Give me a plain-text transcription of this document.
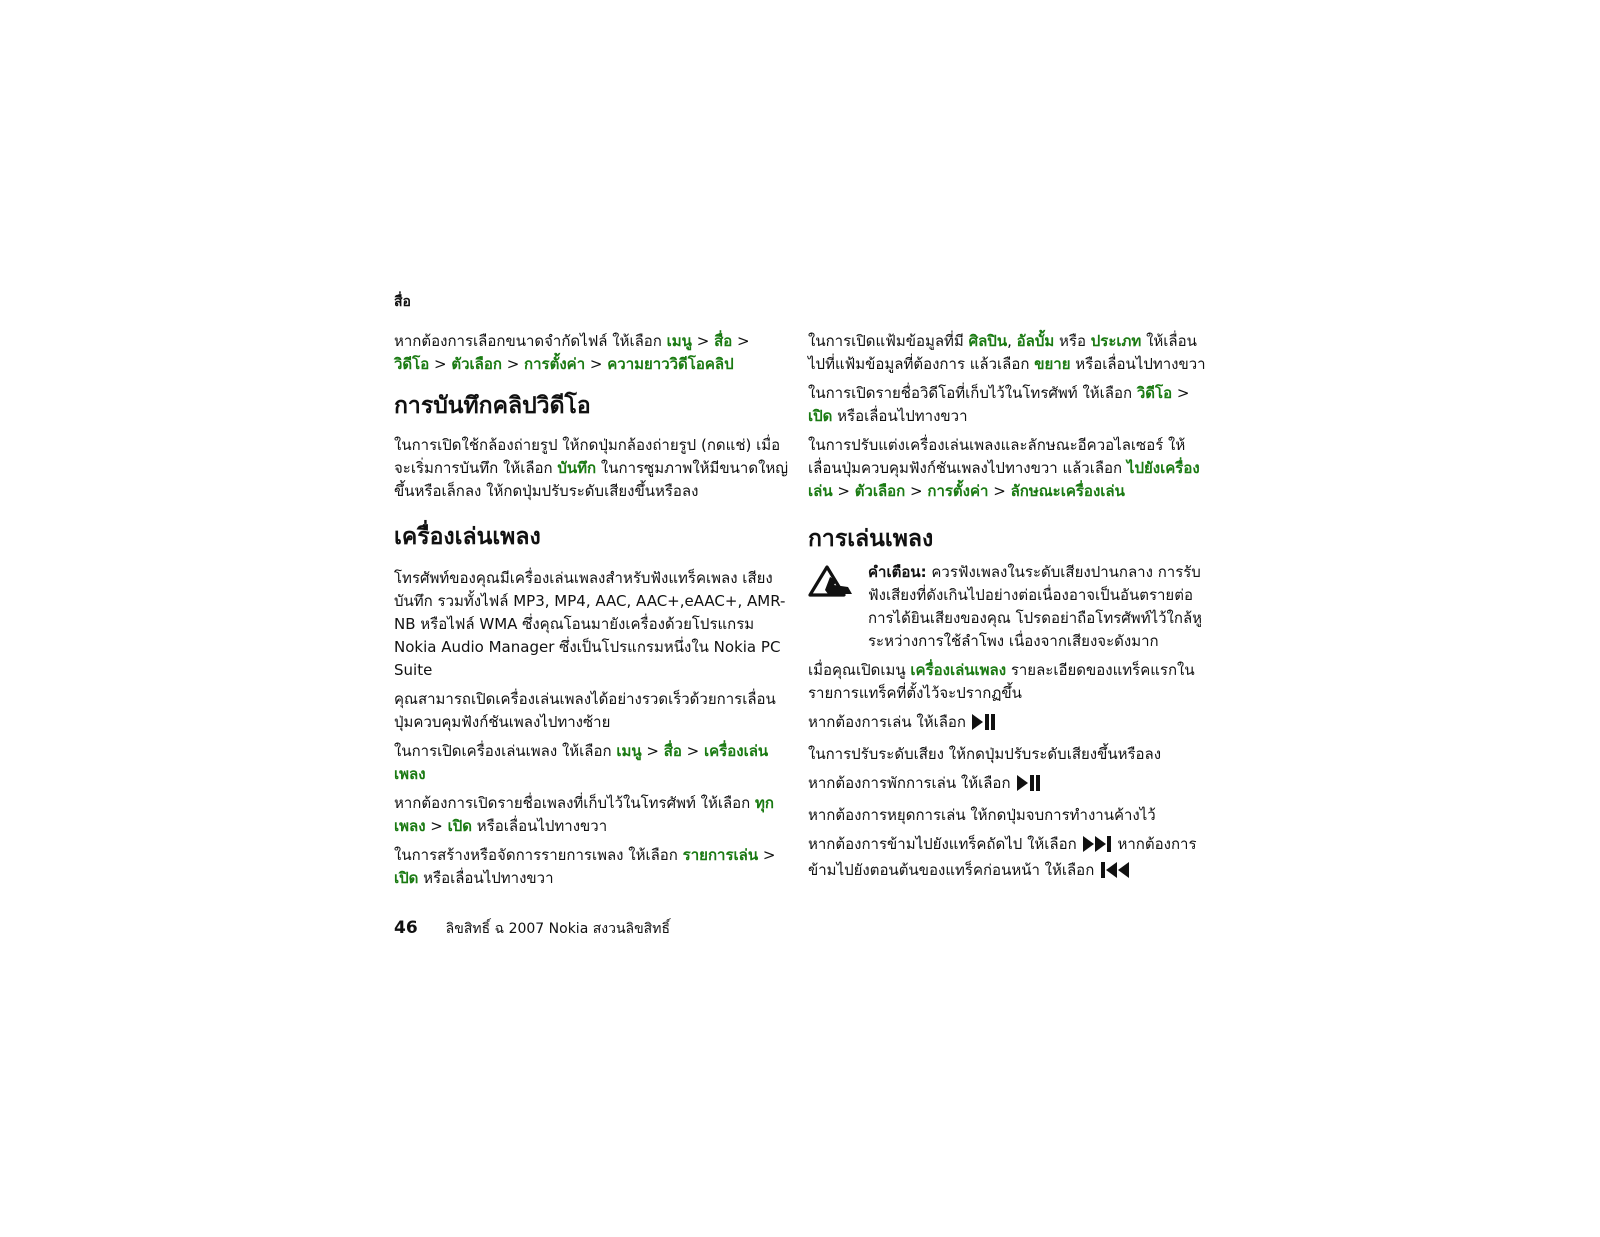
สื่อ

หากต้องการเลือกขนาดจำกัดไฟล์ ให้เลือก เมนู > สื่อ > วิดีโอ > ตัวเลือก > การตั้งค่า > ความยาววิดีโอคลิป

การบันทึกคลิปวิดีโอ

ในการเปิดใช้กล้องถ่ายรูป ให้กดปุ่มกล้องถ่ายรูป (กดแช่) เมื่อจะเริ่มการบันทึก ให้เลือก บันทึก ในการซูมภาพให้มีขนาดใหญ่ขึ้นหรือเล็กลง ให้กดปุ่มปรับระดับเสียงขึ้นหรือลง

เครื่องเล่นเพลง

โทรศัพท์ของคุณมีเครื่องเล่นเพลงสำหรับฟังแทร็คเพลง เสียงบันทึก รวมทั้งไฟล์ MP3, MP4, AAC, AAC+,eAAC+, AMR-NB หรือไฟล์ WMA ซึ่งคุณโอนมายังเครื่องด้วยโปรแกรม Nokia Audio Manager ซึ่งเป็นโปรแกรมหนึ่งใน Nokia PC Suite

คุณสามารถเปิดเครื่องเล่นเพลงได้อย่างรวดเร็วด้วยการเลื่อนปุ่มควบคุมฟังก์ชันเพลงไปทางซ้าย

ในการเปิดเครื่องเล่นเพลง ให้เลือก เมนู > สื่อ > เครื่องเล่นเพลง

หากต้องการเปิดรายชื่อเพลงที่เก็บไว้ในโทรศัพท์ ให้เลือก ทุกเพลง > เปิด หรือเลื่อนไปทางขวา

ในการสร้างหรือจัดการรายการเพลง ให้เลือก รายการเล่น > เปิด หรือเลื่อนไปทางขวา

ในการเปิดแฟ้มข้อมูลที่มี ศิลปิน, อัลบั้ม หรือ ประเภท ให้เลื่อนไปที่แฟ้มข้อมูลที่ต้องการ แล้วเลือก ขยาย หรือเลื่อนไปทางขวา

ในการเปิดรายชื่อวิดีโอที่เก็บไว้ในโทรศัพท์ ให้เลือก วิดีโอ > เปิด หรือเลื่อนไปทางขวา

ในการปรับแต่งเครื่องเล่นเพลงและลักษณะอีควอไลเซอร์ ให้เลื่อนปุ่มควบคุมฟังก์ชันเพลงไปทางขวา แล้วเลือก ไปยังเครื่องเล่น > ตัวเลือก > การตั้งค่า > ลักษณะเครื่องเล่น

การเล่นเพลง

คำเตือน: ควรฟังเพลงในระดับเสียงปานกลาง การรับฟังเสียงที่ดังเกินไปอย่างต่อเนื่องอาจเป็นอันตรายต่อการได้ยินเสียงของคุณ โปรดอย่าถือโทรศัพท์ไว้ใกล้หูระหว่างการใช้ลำโพง เนื่องจากเสียงจะดังมาก

เมื่อคุณเปิดเมนู เครื่องเล่นเพลง รายละเอียดของแทร็คแรกในรายการแทร็คที่ตั้งไว้จะปรากฏขึ้น

หากต้องการเล่น ให้เลือก

ในการปรับระดับเสียง ให้กดปุ่มปรับระดับเสียงขึ้นหรือลง

หากต้องการพักการเล่น ให้เลือก

หากต้องการหยุดการเล่น ให้กดปุ่มจบการทำงานค้างไว้

หากต้องการข้ามไปยังแทร็คถัดไป ให้เลือก หากต้องการข้ามไปยังตอนต้นของแทร็คก่อนหน้า ให้เลือก

46 ลิขสิทธิ์ ฉ 2007 Nokia สงวนลิขสิทธิ์
